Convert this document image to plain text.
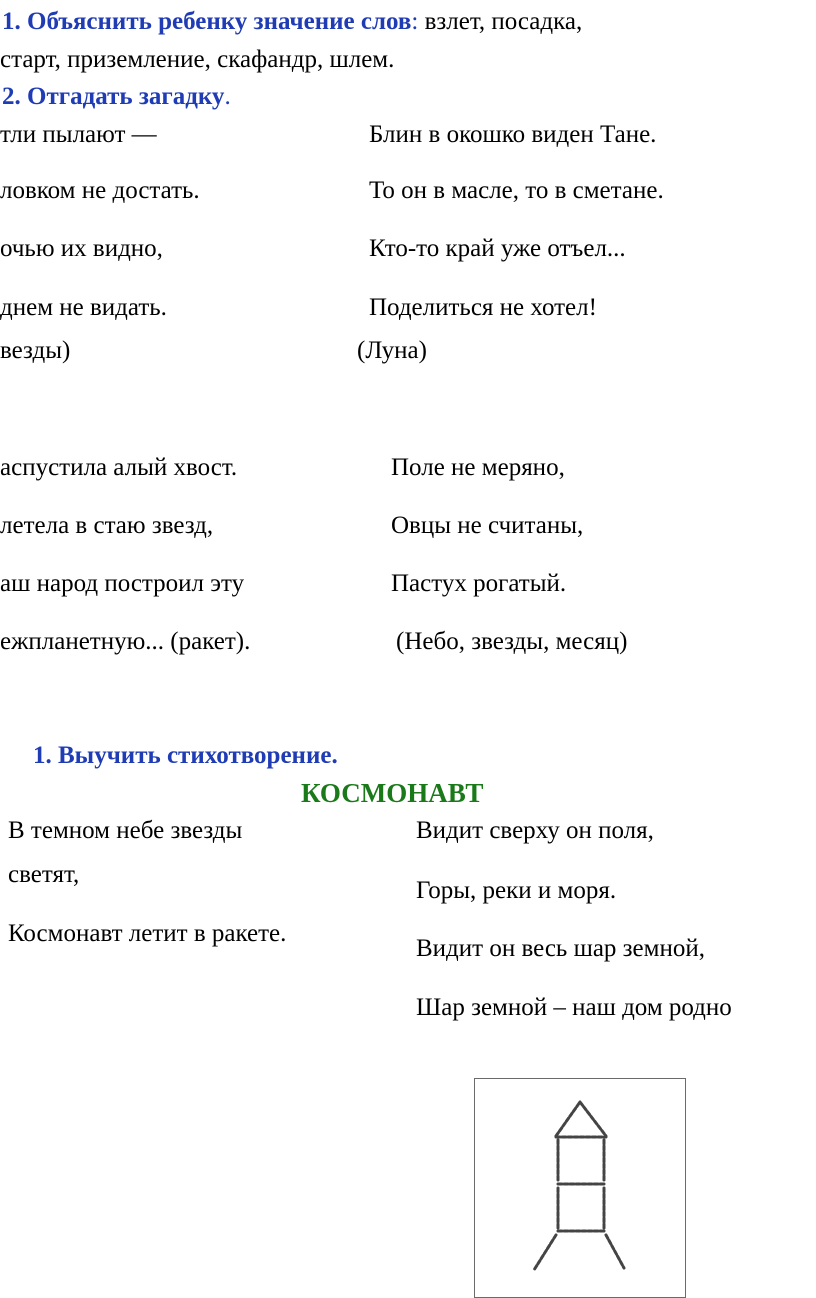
1. Объяснить ребенку значение слов: взлет, посадка,
старт, приземление, скафандр, шлем.
2. Отгадать загадку.
тли пылают —
ловком не достать.
очью их видно,
днем не видать.
везды)
Блин в окошко виден Тане.
То он в масле, то в сметане.
Кто-то край уже отъел...
Поделиться не хотел!
(Луна)
аспустила алый хвост.
летела в стаю звезд,
аш народ построил эту
ежпланетную... (ракет).
Поле не меряно,
Овцы не считаны,
Пастух рогатый.
(Небо, звезды, месяц)
1. Выучить стихотворение.
КОСМОНАВТ
В темном небе звезды
светят,
Космонавт летит в ракете.
Видит сверху он поля,
Горы, реки и моря.
Видит он весь шар земной,
Шар земной – наш дом родно
